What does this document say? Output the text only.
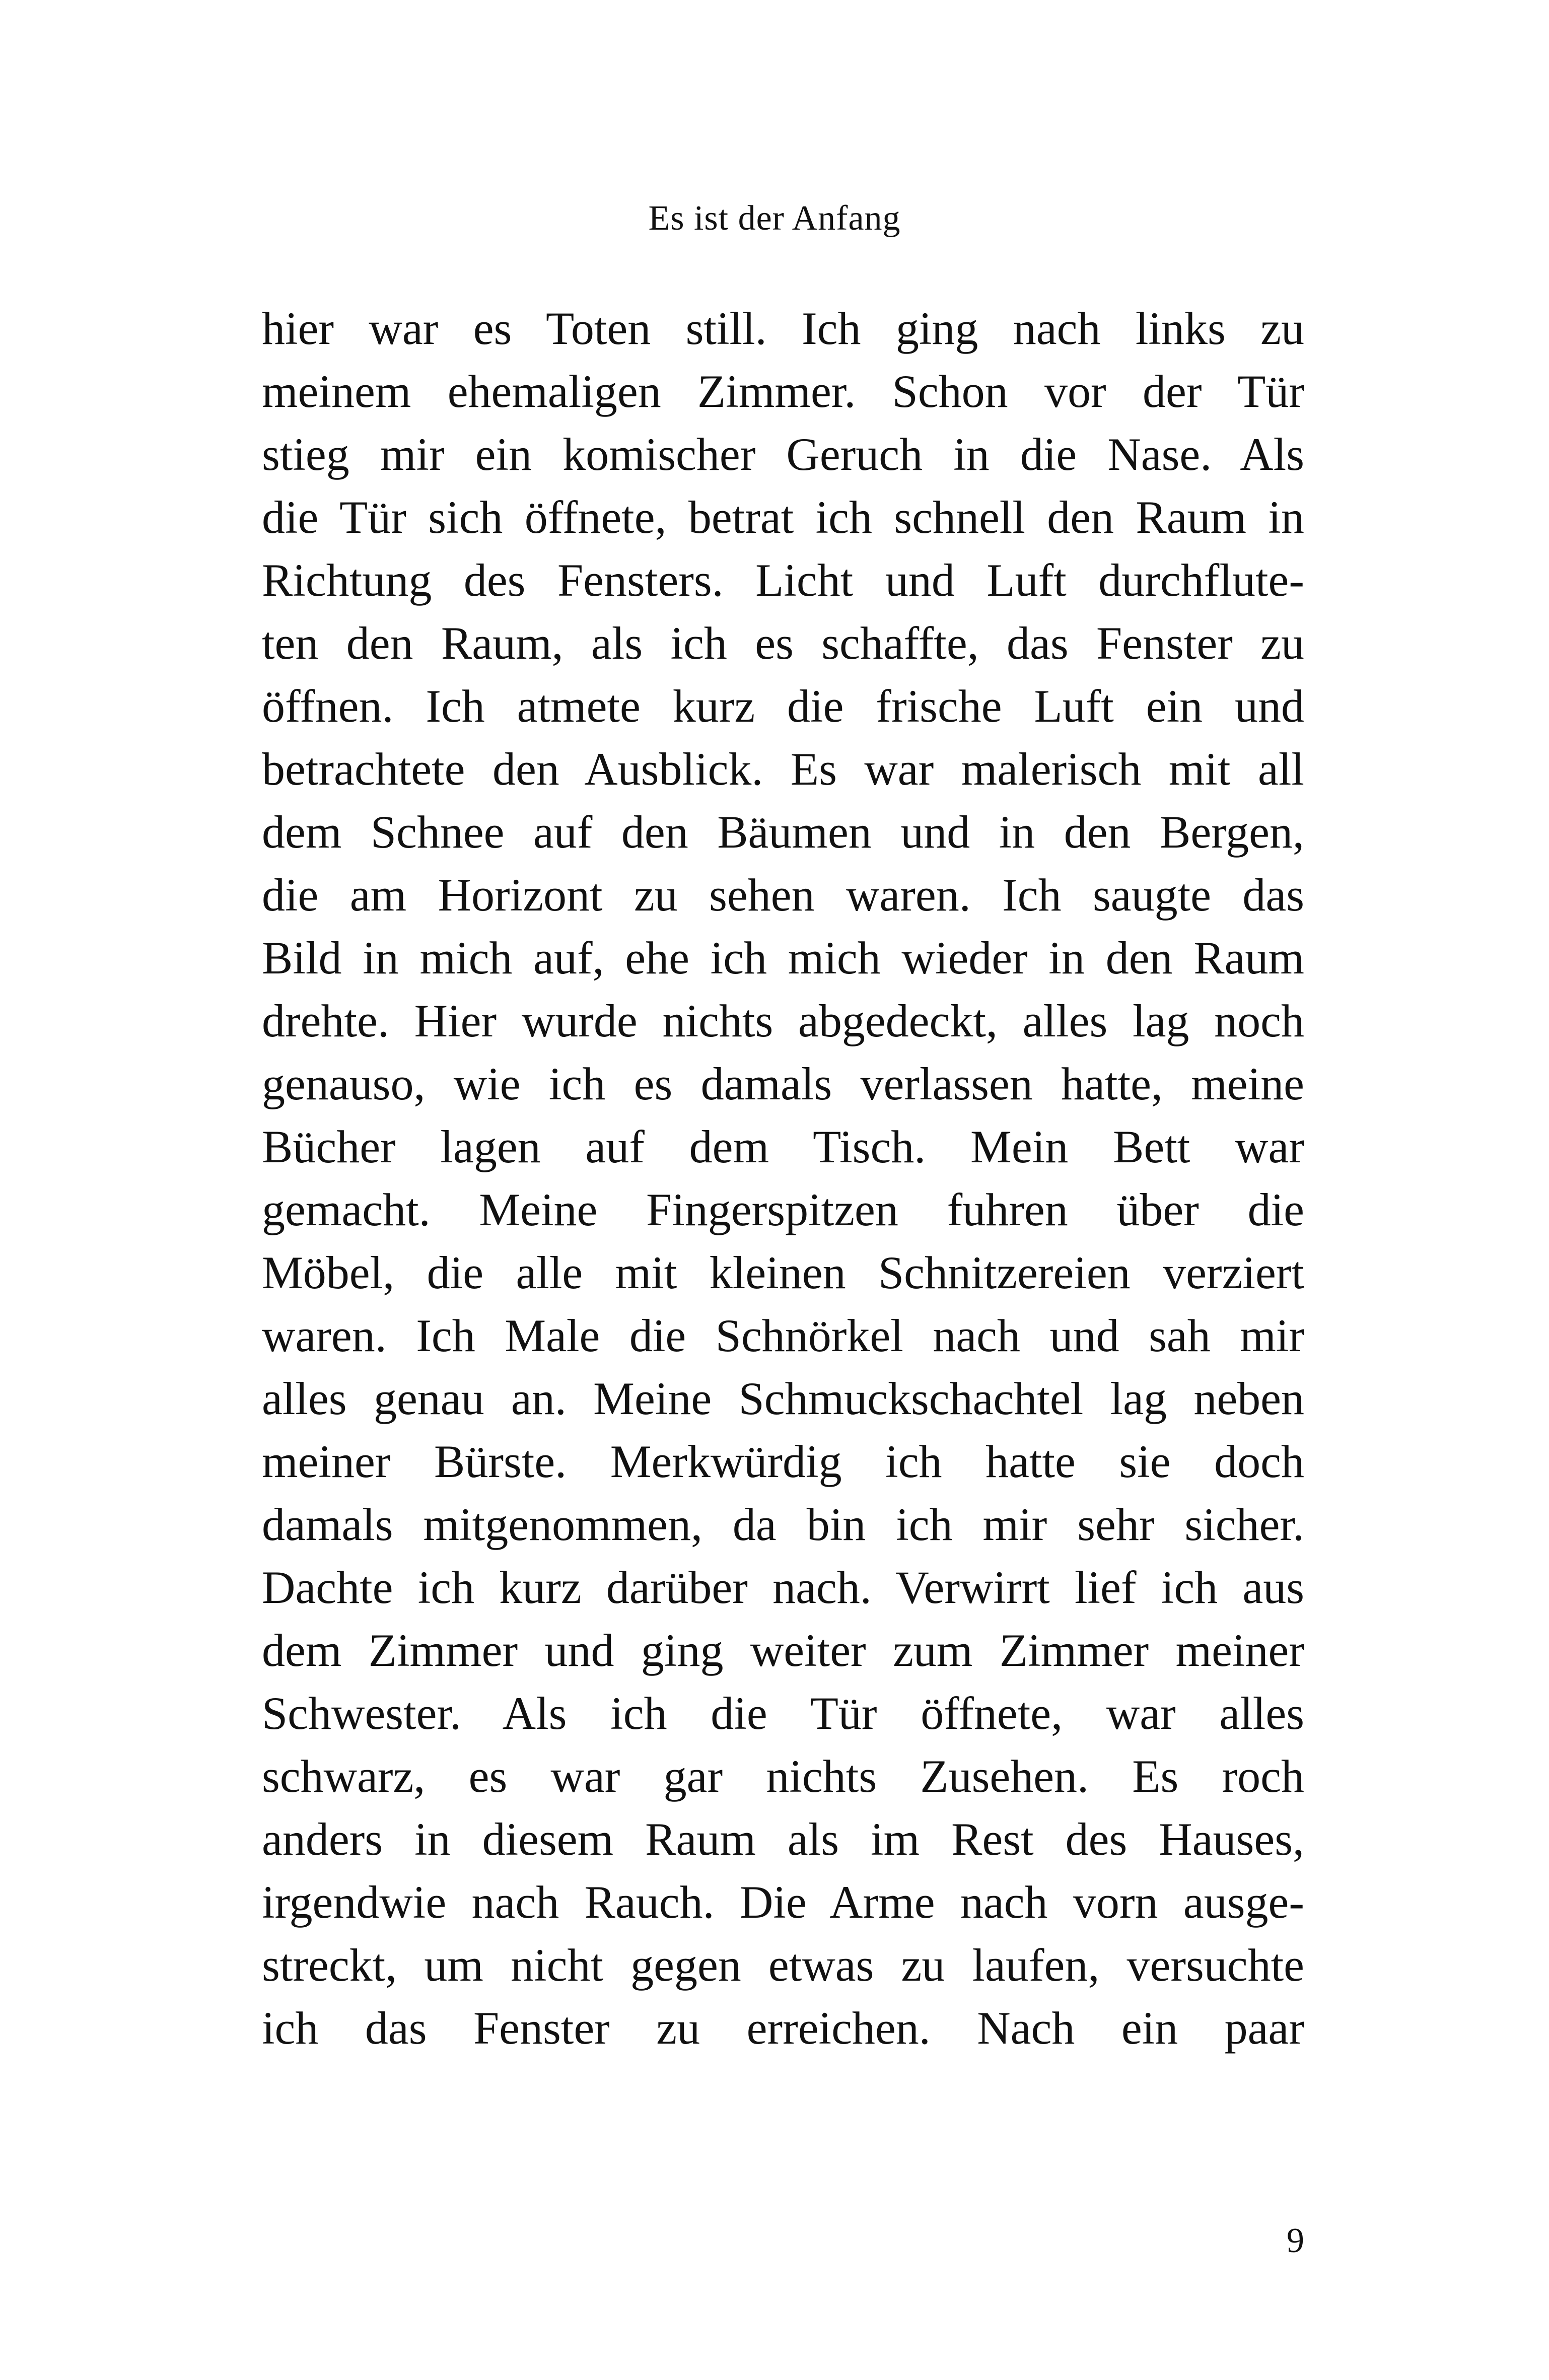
Es ist der Anfang
hier war es Toten still. Ich ging nach links zu
meinem ehemaligen Zimmer. Schon vor der Tür
stieg mir ein komischer Geruch in die Nase. Als
die Tür sich öffnete, betrat ich schnell den Raum in
Richtung des Fensters. Licht und Luft durchflute-
ten den Raum, als ich es schaffte, das Fenster zu
öffnen. Ich atmete kurz die frische Luft ein und
betrachtete den Ausblick. Es war malerisch mit all
dem Schnee auf den Bäumen und in den Bergen,
die am Horizont zu sehen waren. Ich saugte das
Bild in mich auf, ehe ich mich wieder in den Raum
drehte. Hier wurde nichts abgedeckt, alles lag noch
genauso, wie ich es damals verlassen hatte, meine
Bücher lagen auf dem Tisch. Mein Bett war
gemacht. Meine Fingerspitzen fuhren über die
Möbel, die alle mit kleinen Schnitzereien verziert
waren. Ich Male die Schnörkel nach und sah mir
alles genau an. Meine Schmuckschachtel lag neben
meiner Bürste. Merkwürdig ich hatte sie doch
damals mitgenommen, da bin ich mir sehr sicher.
Dachte ich kurz darüber nach. Verwirrt lief ich aus
dem Zimmer und ging weiter zum Zimmer meiner
Schwester. Als ich die Tür öffnete, war alles
schwarz, es war gar nichts Zusehen. Es roch
anders in diesem Raum als im Rest des Hauses,
irgendwie nach Rauch. Die Arme nach vorn ausge-
streckt, um nicht gegen etwas zu laufen, versuchte
ich das Fenster zu erreichen. Nach ein paar
9
